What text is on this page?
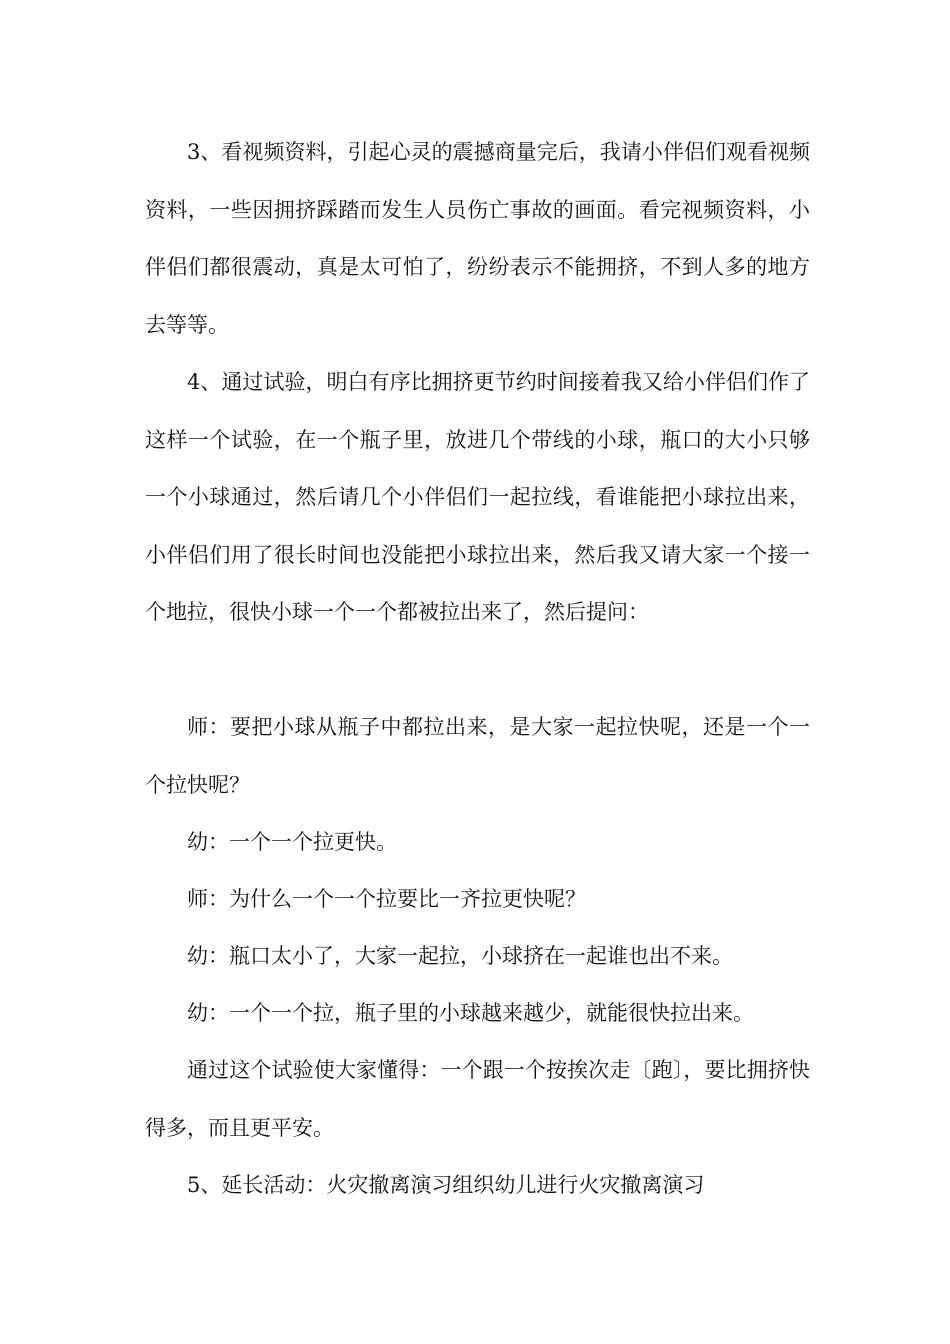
3、看视频资料，引起心灵的震撼商量完后，我请小伴侣们观看视频资料，一些因拥挤踩踏而发生人员伤亡事故的画面。看完视频资料，小伴侣们都很震动，真是太可怕了，纷纷表示不能拥挤，不到人多的地方去等等。

4、通过试验，明白有序比拥挤更节约时间接着我又给小伴侣们作了这样一个试验，在一个瓶子里，放进几个带线的小球，瓶口的大小只够一个小球通过，然后请几个小伴侣们一起拉线，看谁能把小球拉出来，小伴侣们用了很长时间也没能把小球拉出来，然后我又请大家一个接一个地拉，很快小球一个一个都被拉出来了，然后提问：

师：要把小球从瓶子中都拉出来，是大家一起拉快呢，还是一个一个拉快呢？

幼：一个一个拉更快。

师：为什么一个一个拉要比一齐拉更快呢？

幼：瓶口太小了，大家一起拉，小球挤在一起谁也出不来。

幼：一个一个拉，瓶子里的小球越来越少，就能很快拉出来。

通过这个试验使大家懂得：一个跟一个按挨次走〔跑〕，要比拥挤快得多，而且更平安。

5、延长活动：火灾撤离演习组织幼儿进行火灾撤离演习
